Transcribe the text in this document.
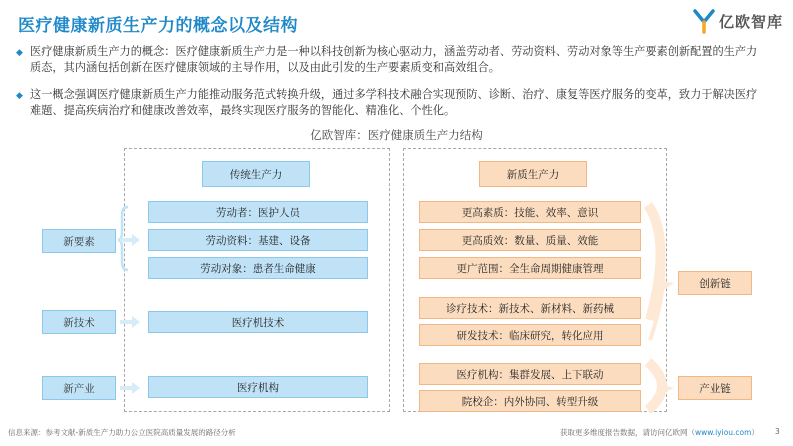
医疗健康新质生产力的概念以及结构	亿欧智库
◆ 医疗健康新质生产力的概念：医疗健康新质生产力是一种以科技创新为核心驱动力，涵盖劳动者、劳动资料、劳动对象等生产要素创新配置的生产力质态，其内涵包括创新在医疗健康领域的主导作用，以及由此引发的生产要素质变和高效组合。
◆ 这一概念强调医疗健康新质生产力能推动服务范式转换升级，通过多学科技术融合实现预防、诊断、治疗、康复等医疗服务的变革，致力于解决医疗难题、提高疾病治疗和健康改善效率，最终实现医疗服务的智能化、精准化、个性化。
亿欧智库：医疗健康质生产力结构
传统生产力	新质生产力
劳动者：医护人员
劳动资料：基建、设备
劳动对象：患者生命健康
医疗机技术
医疗机构
更高素质：技能、效率、意识
更高质效：数量、质量、效能
更广范围：全生命周期健康管理
诊疗技术：新技术、新材料、新药械
研发技术：临床研究，转化应用
医疗机构：集群发展、上下联动
院校企：内外协同、转型升级
新要素
新技术
新产业
创新链
产业链
信息来源：参考文献-新质生产力助力公立医院高质量发展的路径分析	获取更多维度报告数据，请访问亿欧网（www.iyiou.com） 3
